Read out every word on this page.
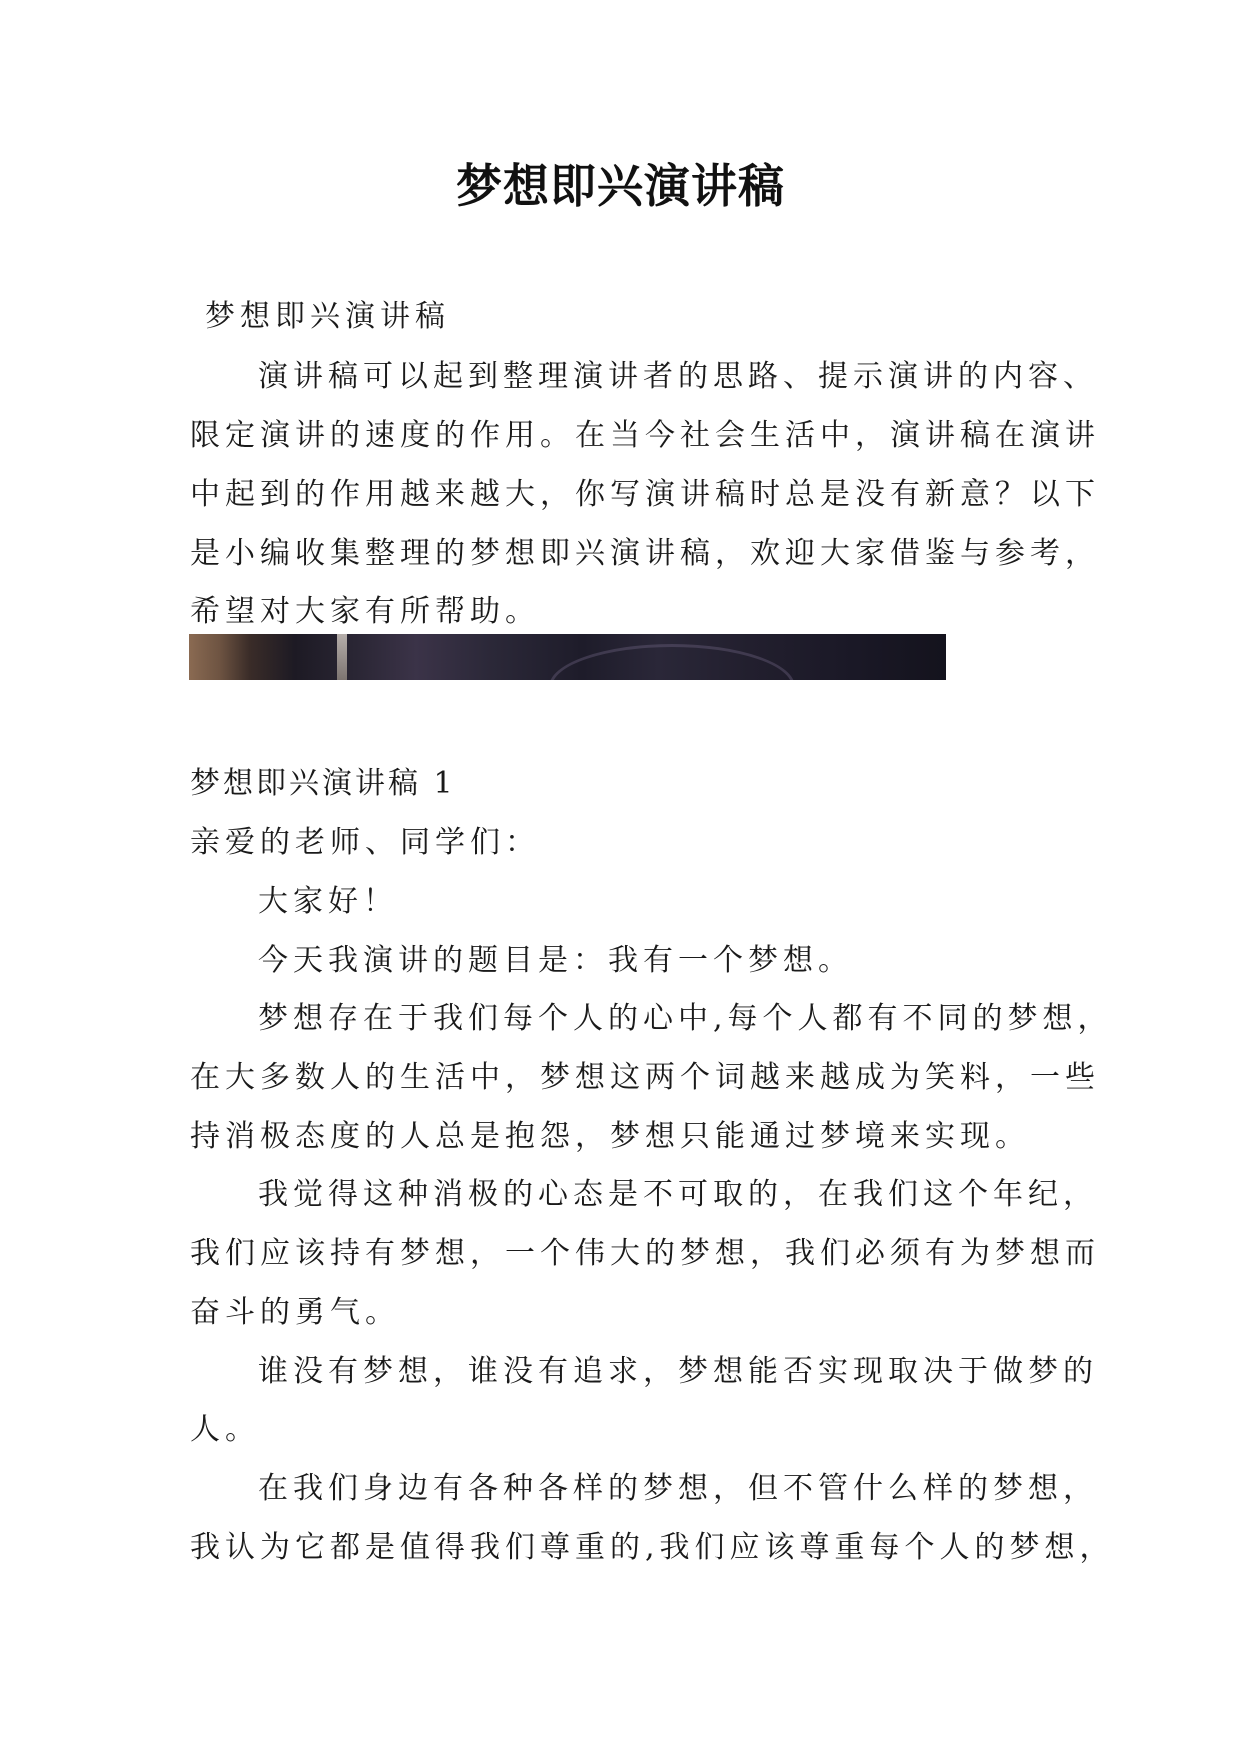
梦想即兴演讲稿
梦想即兴演讲稿
演讲稿可以起到整理演讲者的思路、提示演讲的内容、
限定演讲的速度的作用。在当今社会生活中，演讲稿在演讲
中起到的作用越来越大，你写演讲稿时总是没有新意？以下
是小编收集整理的梦想即兴演讲稿，欢迎大家借鉴与参考，
希望对大家有所帮助。
梦想即兴演讲稿 1
亲爱的老师、同学们：
大家好！
今天我演讲的题目是：我有一个梦想。
梦想存在于我们每个人的心中,每个人都有不同的梦想，
在大多数人的生活中，梦想这两个词越来越成为笑料，一些
持消极态度的人总是抱怨，梦想只能通过梦境来实现。
我觉得这种消极的心态是不可取的，在我们这个年纪，
我们应该持有梦想，一个伟大的梦想，我们必须有为梦想而
奋斗的勇气。
谁没有梦想，谁没有追求，梦想能否实现取决于做梦的
人。
在我们身边有各种各样的梦想，但不管什么样的梦想，
我认为它都是值得我们尊重的,我们应该尊重每个人的梦想，
